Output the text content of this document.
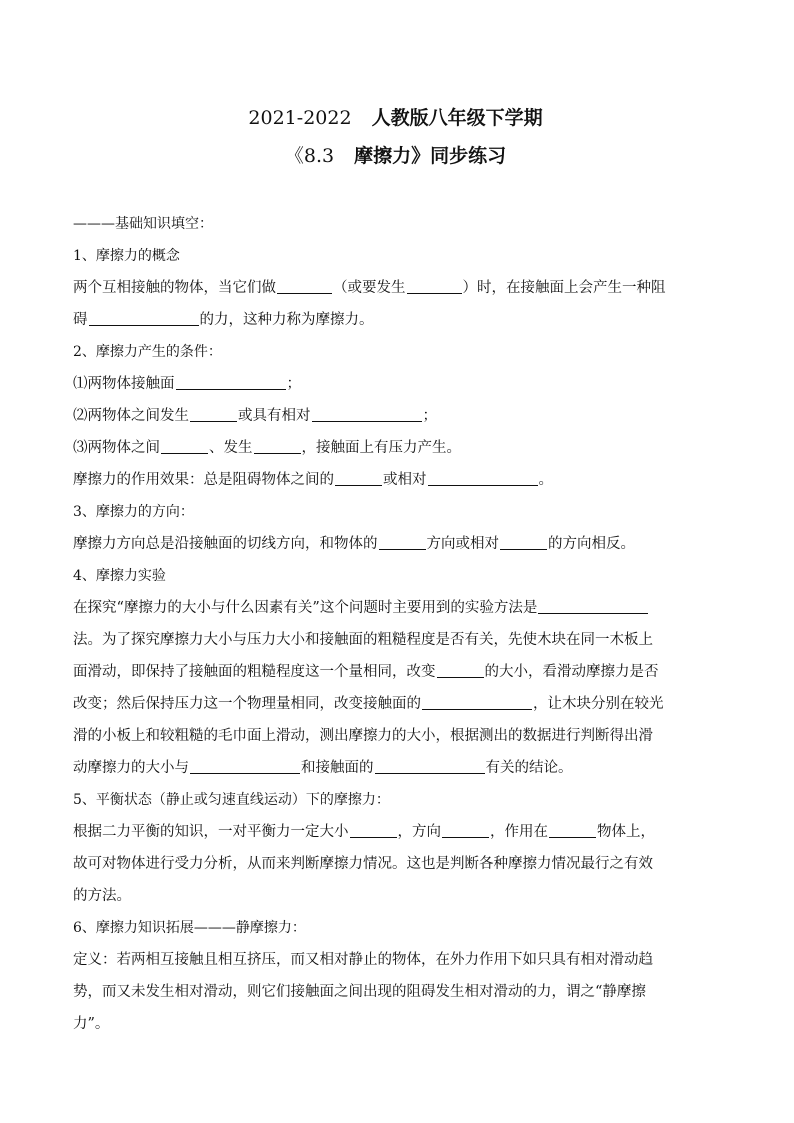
2021-2022 人教版八年级下学期

《8.3 摩擦力》同步练习

———基础知识填空：

1、摩擦力的概念

两个互相接触的物体，当它们做	（或要发生	）时，在接触面上会产生一种阻

碍	的力，这种力称为摩擦力。

2、摩擦力产生的条件：

⑴两物体接触面	；

⑵两物体之间发生	或具有相对	；

⑶两物体之间	、发生	，接触面上有压力产生。

摩擦力的作用效果：总是阻碍物体之间的	或相对	。

3、摩擦力的方向：

摩擦力方向总是沿接触面的切线方向，和物体的	方向或相对	的方向相反。

4、摩擦力实验

在探究“摩擦力的大小与什么因素有关”这个问题时主要用到的实验方法是

法。为了探究摩擦力大小与压力大小和接触面的粗糙程度是否有关，先使木块在同一木板上

面滑动，即保持了接触面的粗糙程度这一个量相同，改变	的大小，看滑动摩擦力是否

改变；然后保持压力这一个物理量相同，改变接触面的	，让木块分别在较光

滑的小板上和较粗糙的毛巾面上滑动，测出摩擦力的大小，根据测出的数据进行判断得出滑

动摩擦力的大小与	和接触面的	有关的结论。

5、平衡状态（静止或匀速直线运动）下的摩擦力：

根据二力平衡的知识，一对平衡力一定大小	，方向	，作用在	物体上，

故可对物体进行受力分析，从而来判断摩擦力情况。这也是判断各种摩擦力情况最行之有效

的方法。

6、摩擦力知识拓展———静摩擦力：

定义：若两相互接触且相互挤压，而又相对静止的物体，在外力作用下如只具有相对滑动趋

势，而又未发生相对滑动，则它们接触面之间出现的阻碍发生相对滑动的力，谓之“静摩擦

力”。
